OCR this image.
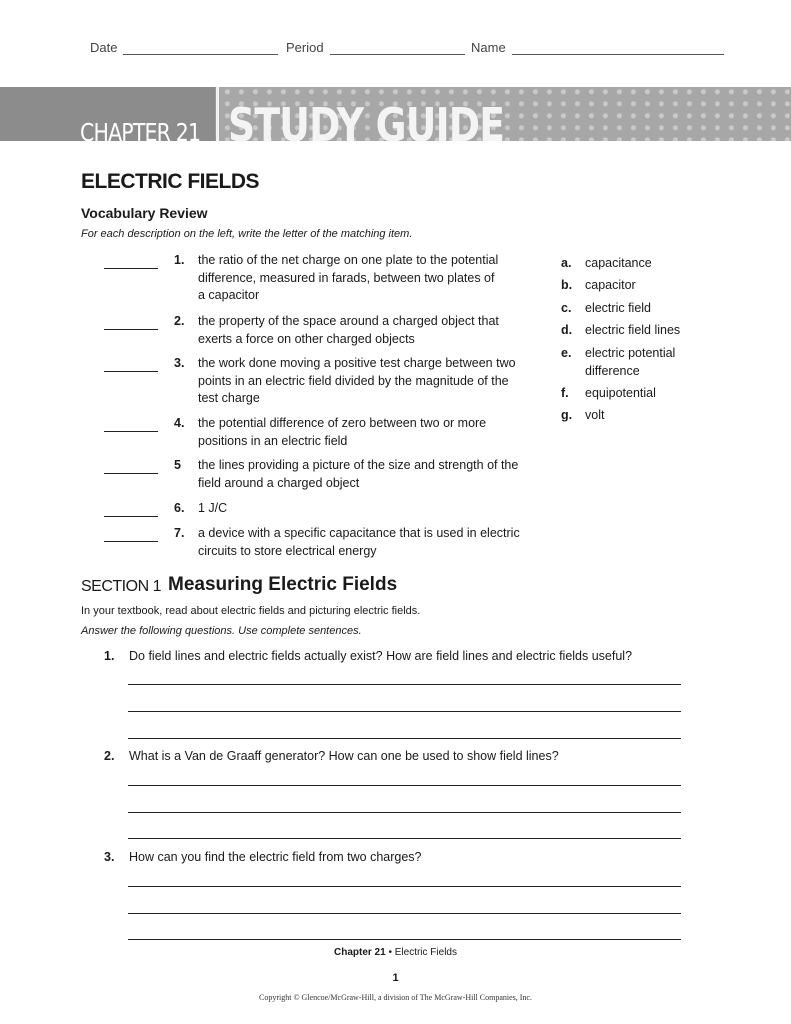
Date	Period	Name
CHAPTER 21 STUDY GUIDE
ELECTRIC FIELDS
Vocabulary Review
For each description on the left, write the letter of the matching item.
1. the ratio of the net charge on one plate to the potential
difference, measured in farads, between two plates of
a capacitor
2. the property of the space around a charged object that
exerts a force on other charged objects
3. the work done moving a positive test charge between two
points in an electric field divided by the magnitude of the
test charge
4. the potential difference of zero between two or more
positions in an electric field
5 the lines providing a picture of the size and strength of the
field around a charged object
6. 1 J/C
7. a device with a specific capacitance that is used in electric
circuits to store electrical energy
a. capacitance
b. capacitor
c. electric field
d. electric field lines
e. electric potential
difference
f. equipotential
g. volt
SECTION 1 Measuring Electric Fields
In your textbook, read about electric fields and picturing electric fields.
Answer the following questions. Use complete sentences.
1. Do field lines and electric fields actually exist? How are field lines and electric fields useful?
2. What is a Van de Graaff generator? How can one be used to show field lines?
3. How can you find the electric field from two charges?
Chapter 21 • Electric Fields
1
Copyright © Glencoe/McGraw-Hill, a division of The McGraw-Hill Companies, Inc.
